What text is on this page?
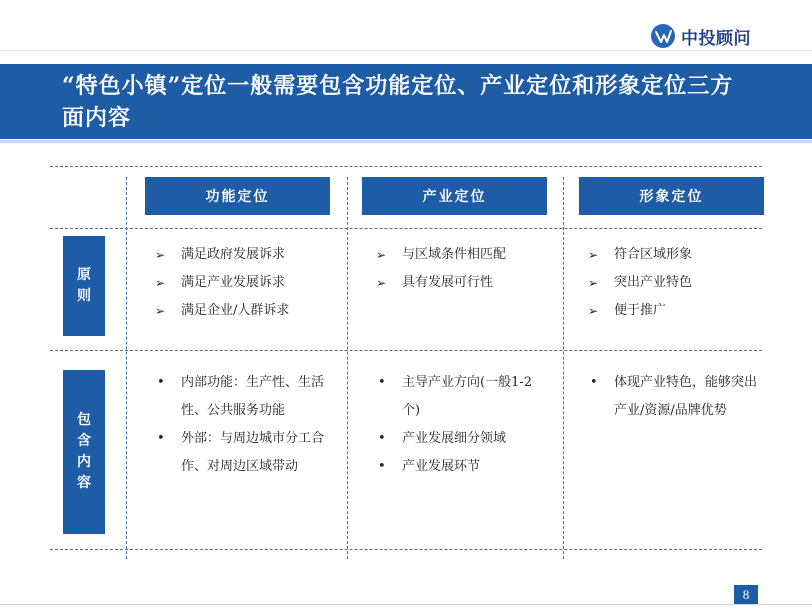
中投顾问
“特色小镇”定位一般需要包含功能定位、产业定位和形象定位三方面内容
功能定位	产业定位	形象定位
原则
包含内容
➢ 满足政府发展诉求
➢ 满足产业发展诉求
➢ 满足企业/人群诉求
➢ 与区域条件相匹配
➢ 具有发展可行性
➢ 符合区域形象
➢ 突出产业特色
➢ 便于推广
• 内部功能：生产性、生活性、公共服务功能
• 外部：与周边城市分工合作、对周边区域带动
• 主导产业方向(一般1-2个)
• 产业发展细分领域
• 产业发展环节
• 体现产业特色，能够突出产业/资源/品牌优势
8
